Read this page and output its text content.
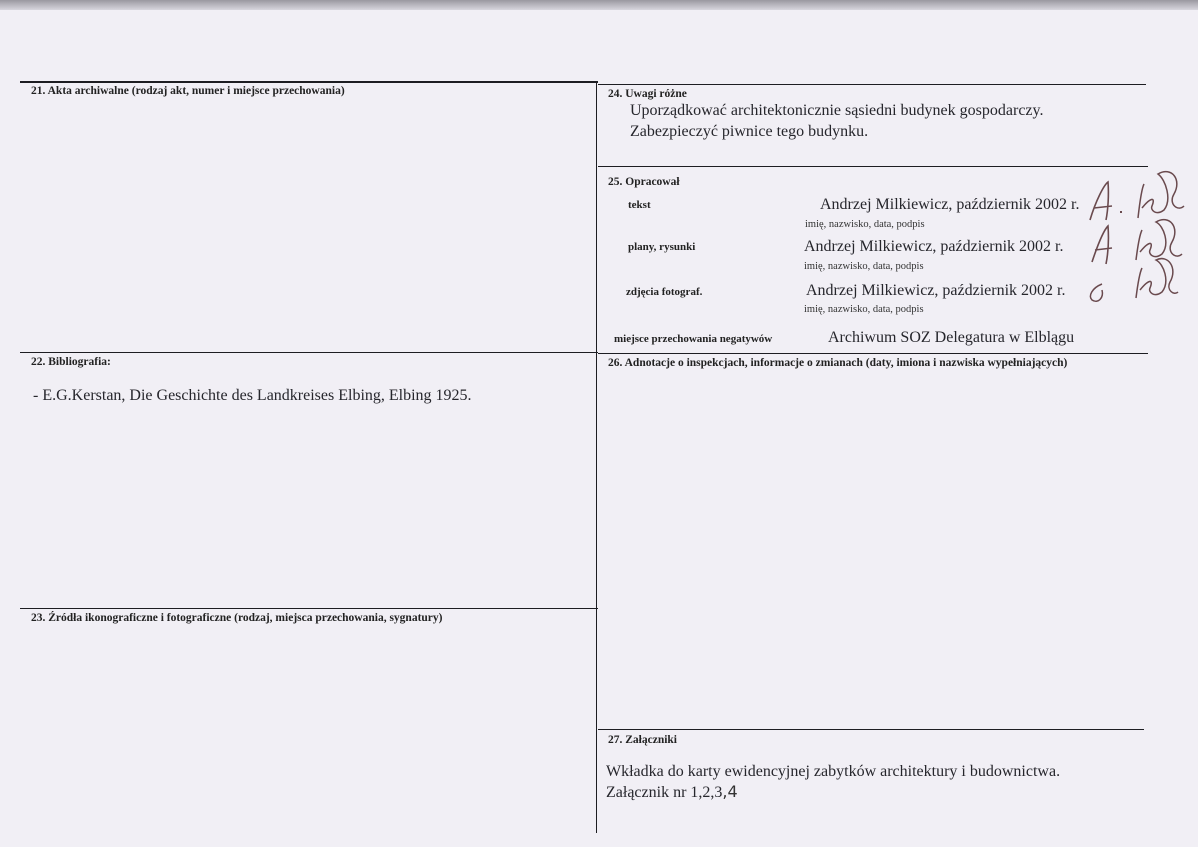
21. Akta archiwalne (rodzaj akt, numer i miejsce przechowania)
22. Bibliografia:
- E.G.Kerstan, Die Geschichte des Landkreises Elbing, Elbing 1925.
23. Źródła ikonograficzne i fotograficzne (rodzaj, miejsca przechowania, sygnatury)
24. Uwagi różne
Uporządkować architektonicznie sąsiedni budynek gospodarczy.
Zabezpieczyć piwnice tego budynku.
25. Opracował
tekst	Andrzej Milkiewicz, październik 2002 r.
imię, nazwisko, data, podpis
plany, rysunki	Andrzej Milkiewicz, październik 2002 r.
imię, nazwisko, data, podpis
zdjęcia fotograf.	Andrzej Milkiewicz, październik 2002 r.
imię, nazwisko, data, podpis
miejsce przechowania negatywów	Archiwum SOZ Delegatura w Elblągu
26. Adnotacje o inspekcjach, informacje o zmianach (daty, imiona i nazwiska wypełniających)
27. Załączniki
Wkładka do karty ewidencyjnej zabytków architektury i budownictwa.
Załącznik nr 1,2,3,4
